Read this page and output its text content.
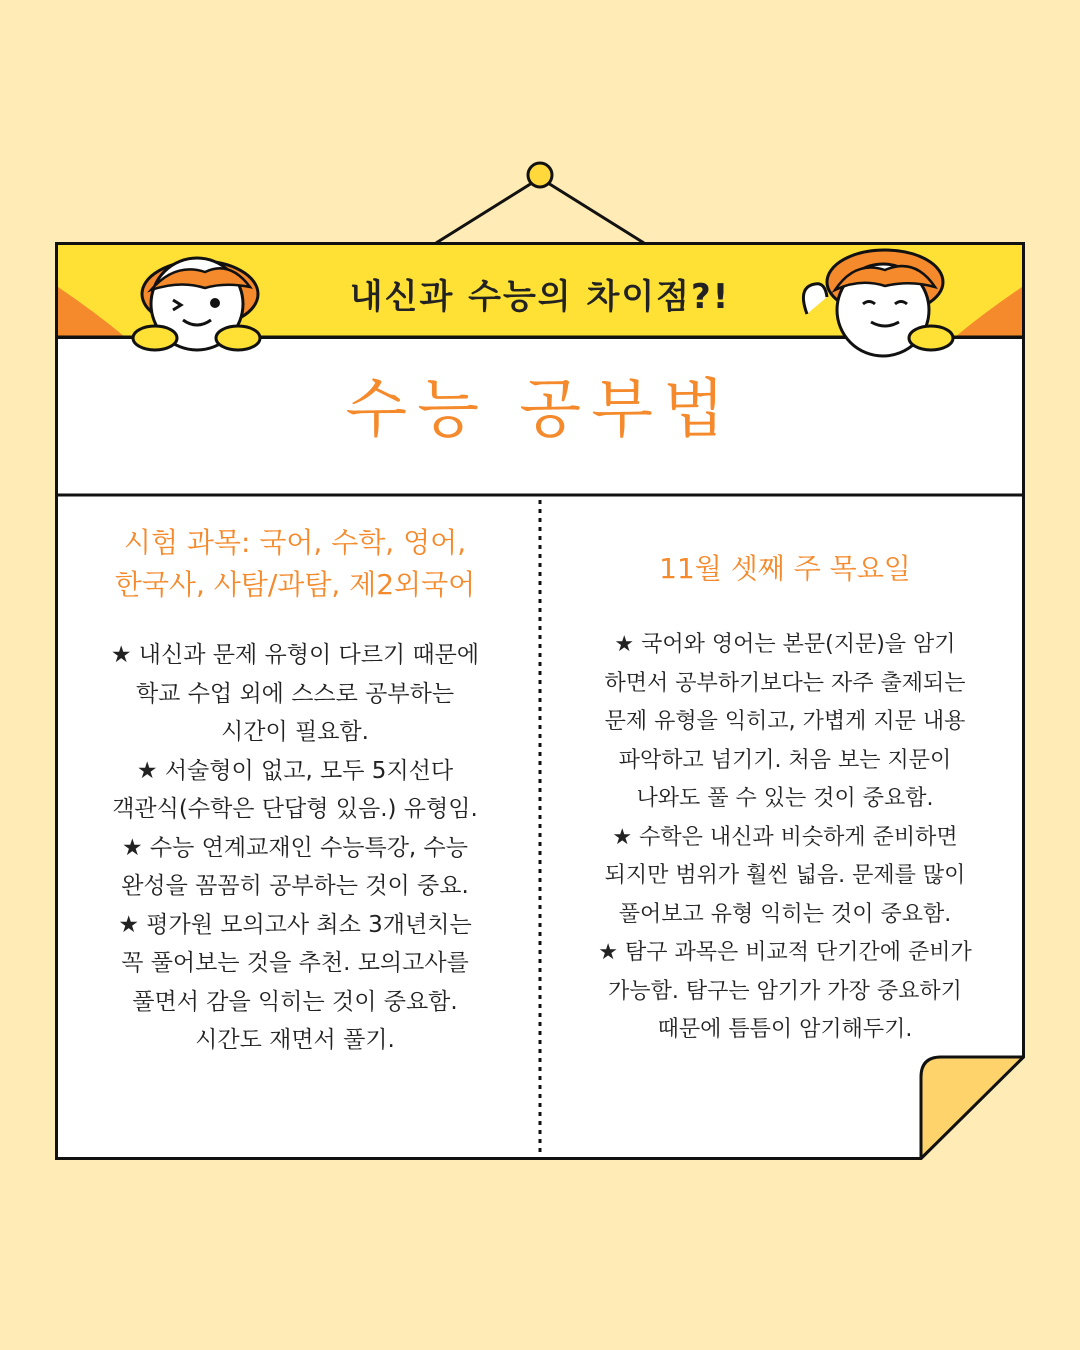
내신과 수능의 차이점?!
수능 공부법
시험 과목: 국어, 수학, 영어,
한국사, 사탐/과탐, 제2외국어
★ 내신과 문제 유형이 다르기 때문에
학교 수업 외에 스스로 공부하는
시간이 필요함.
★ 서술형이 없고, 모두 5지선다
객관식(수학은 단답형 있음.) 유형임.
★ 수능 연계교재인 수능특강, 수능
완성을 꼼꼼히 공부하는 것이 중요.
★ 평가원 모의고사 최소 3개년치는
꼭 풀어보는 것을 추천. 모의고사를
풀면서 감을 익히는 것이 중요함.
시간도 재면서 풀기.
11월 셋째 주 목요일
★ 국어와 영어는 본문(지문)을 암기
하면서 공부하기보다는 자주 출제되는
문제 유형을 익히고, 가볍게 지문 내용
파악하고 넘기기. 처음 보는 지문이
나와도 풀 수 있는 것이 중요함.
★ 수학은 내신과 비슷하게 준비하면
되지만 범위가 훨씬 넓음. 문제를 많이
풀어보고 유형 익히는 것이 중요함.
★ 탐구 과목은 비교적 단기간에 준비가
가능함. 탐구는 암기가 가장 중요하기
때문에 틈틈이 암기해두기.
